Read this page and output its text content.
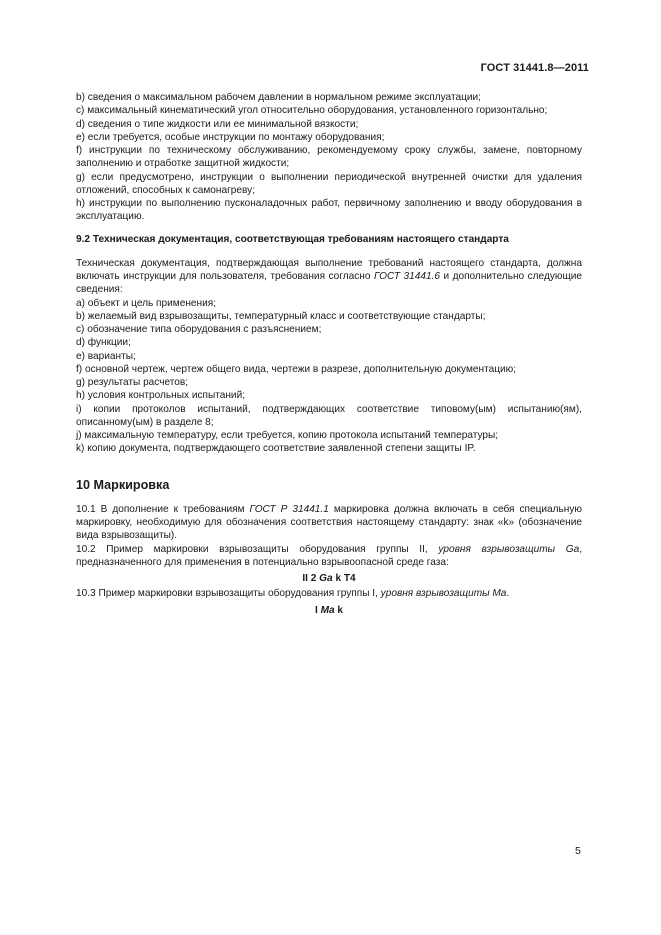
ГОСТ 31441.8—2011

b) сведения о максимальном рабочем давлении в нормальном режиме эксплуатации;

с) максимальный кинематический угол относительно оборудования, установленного горизонтально;

d) сведения о типе жидкости или ее минимальной вязкости;

е) если требуется, особые инструкции по монтажу оборудования;

f) инструкции по техническому обслуживанию, рекомендуемому сроку службы, замене, повторному заполнению и отработке защитной жидкости;

g) если предусмотрено, инструкции о выполнении периодической внутренней очистки для удаления отложений, способных к самонагреву;

h) инструкции по выполнению пусконаладочных работ, первичному заполнению и вводу оборудования в эксплуатацию.

9.2 Техническая документация, соответствующая требованиям настоящего стандарта

Техническая документация, подтверждающая выполнение требований настоящего стандарта, должна включать инструкции для пользователя, требования согласно ГОСТ 31441.6 и дополнительно следующие сведения:

а) объект и цель применения;

b) желаемый вид взрывозащиты, температурный класс и соответствующие стандарты;

с) обозначение типа оборудования с разъяснением;

d) функции;

е) варианты;

f) основной чертеж, чертеж общего вида, чертежи в разрезе, дополнительную документацию;

g) результаты расчетов;

h) условия контрольных испытаний;

i) копии протоколов испытаний, подтверждающих соответствие типовому(ым) испытанию(ям), описанному(ым) в разделе 8;

j) максимальную температуру, если требуется, копию протокола испытаний температуры;

k) копию документа, подтверждающего соответствие заявленной степени защиты IP.

10 Маркировка

10.1 В дополнение к требованиям ГОСТ Р 31441.1 маркировка должна включать в себя специальную маркировку, необходимую для обозначения соответствия настоящему стандарту: знак «k» (обозначение вида взрывозащиты).

10.2 Пример маркировки взрывозащиты оборудования группы II, уровня взрывозащиты Ga, предназначенного для применения в потенциально взрывоопасной среде газа:

II 2 Ga k T4

10.3 Пример маркировки взрывозащиты оборудования группы I, уровня взрывозащиты Ma.

I Ma k

5
